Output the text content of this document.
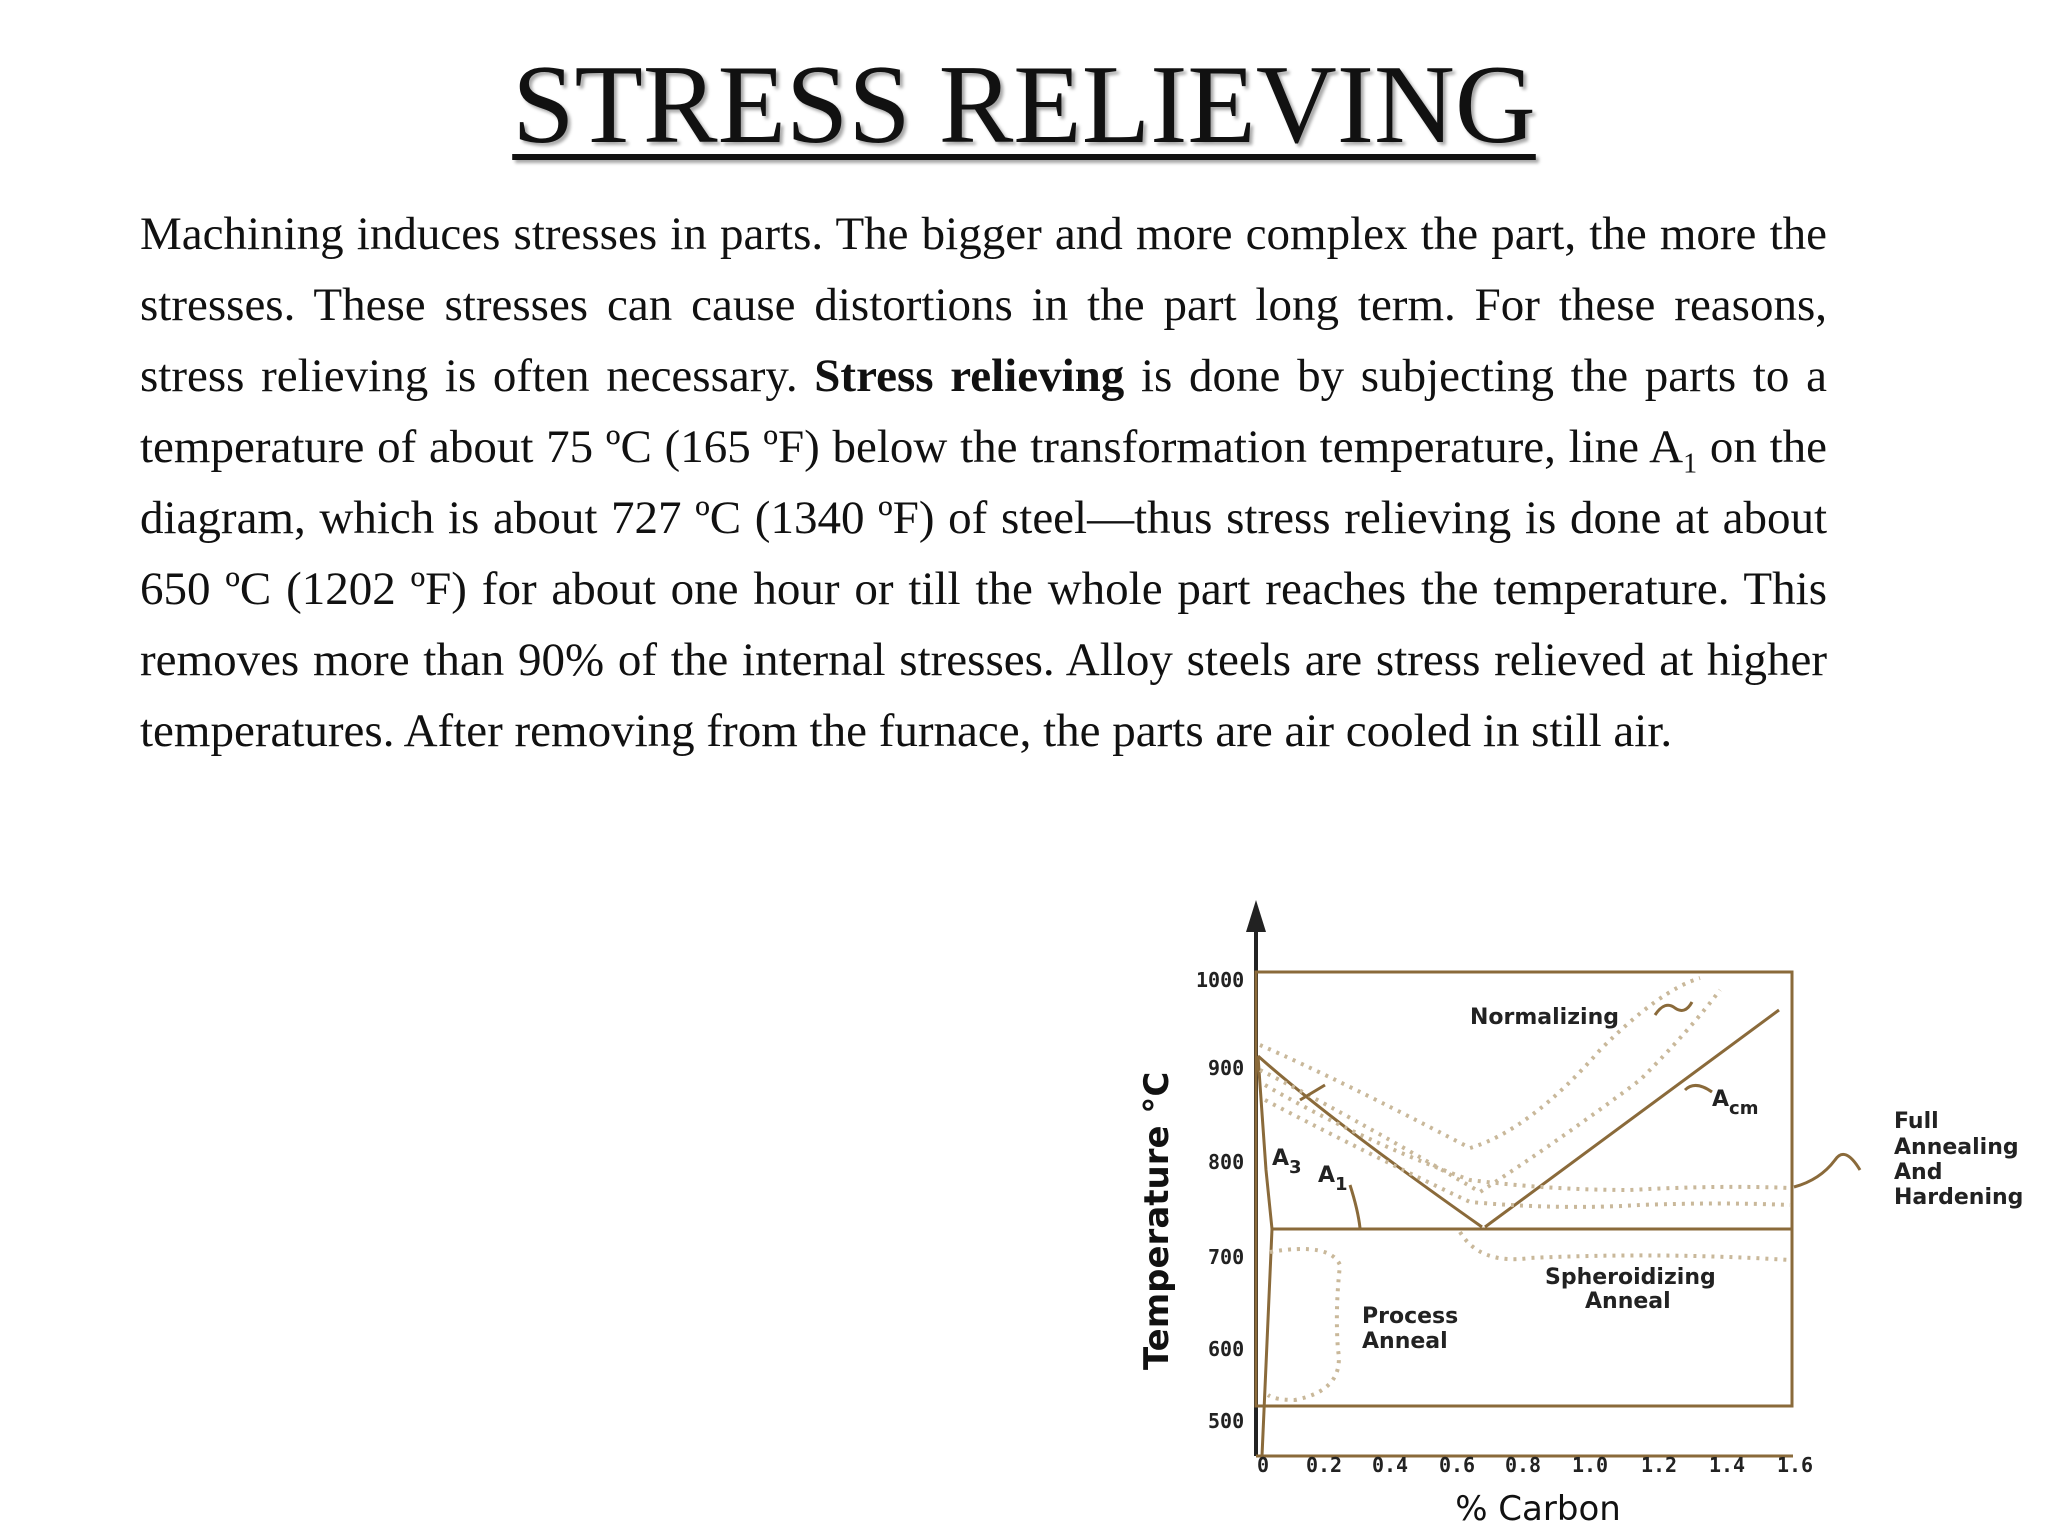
STRESS RELIEVING
Machining induces stresses in parts. The bigger and more complex the part, the more the stresses. These stresses can cause distortions in the part long term. For these reasons, stress relieving is often necessary. Stress relieving is done by subjecting the parts to a temperature of about 75 ºC (165 ºF) below the transformation temperature, line $A_1$ on the diagram, which is about 727 ºC (1340 ºF) of steel—thus stress relieving is done at about 650 ºC (1202 ºF) for about one hour or till the whole part reaches the temperature. This removes more than 90% of the internal stresses. Alloy steels are stress relieved at higher temperatures. After removing from the furnace, the parts are air cooled in still air.
1000
900
800
700
600
500
0 0.2 0.4 0.6 0.8 1.0 1.2 1.4 1.6
Temperature °C
% Carbon
Normalizing
$A_3$ $A_1$
$A_{cm}$
Spheroidizing
Anneal
Process
Anneal
Full
Annealing
And
Hardening
